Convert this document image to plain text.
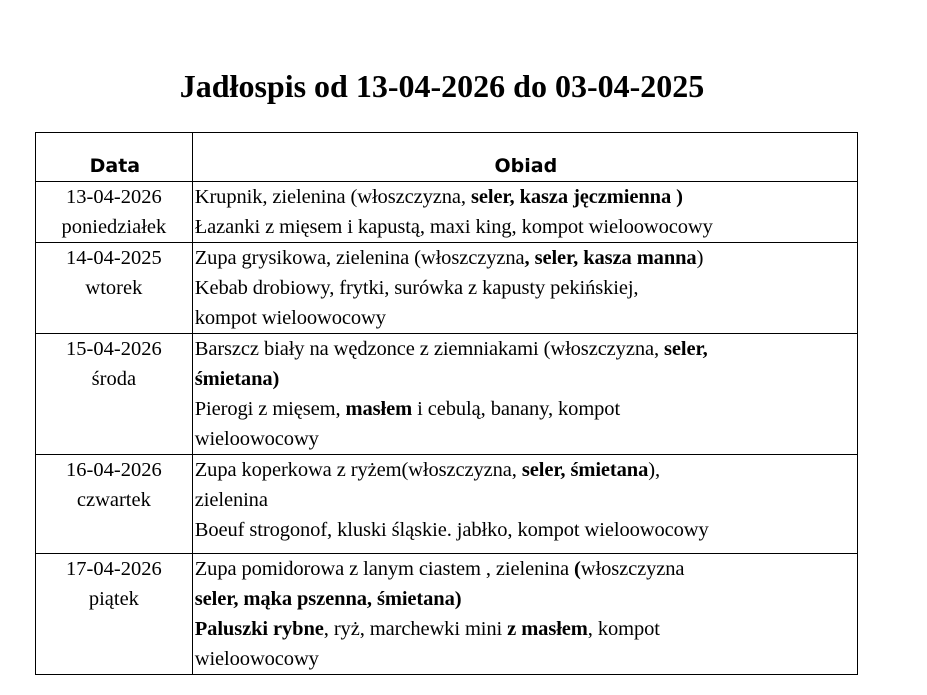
Jadłospis od 13-04-2026 do 03-04-2025
Data	Obiad

13-04-2026
poniedziałek	Krupnik, zielenina (włoszczyzna, seler, kasza jęczmienna )
Łazanki z mięsem i kapustą, maxi king, kompot wieloowocowy

14-04-2025
wtorek	Zupa grysikowa, zielenina (włoszczyzna, seler, kasza manna)
Kebab drobiowy, frytki, surówka z kapusty pekińskiej,
kompot wieloowocowy

15-04-2026
środa	Barszcz biały na wędzonce z ziemniakami (włoszczyzna, seler,
śmietana)
Pierogi z mięsem, masłem i cebulą, banany, kompot
wieloowocowy

16-04-2026
czwartek	Zupa koperkowa z ryżem(włoszczyzna, seler, śmietana),
zielenina
Boeuf strogonof, kluski śląskie. jabłko, kompot wieloowocowy

17-04-2026
piątek	Zupa pomidorowa z lanym ciastem , zielenina (włoszczyzna
seler, mąka pszenna, śmietana)
Paluszki rybne, ryż, marchewki mini z masłem, kompot
wieloowocowy
